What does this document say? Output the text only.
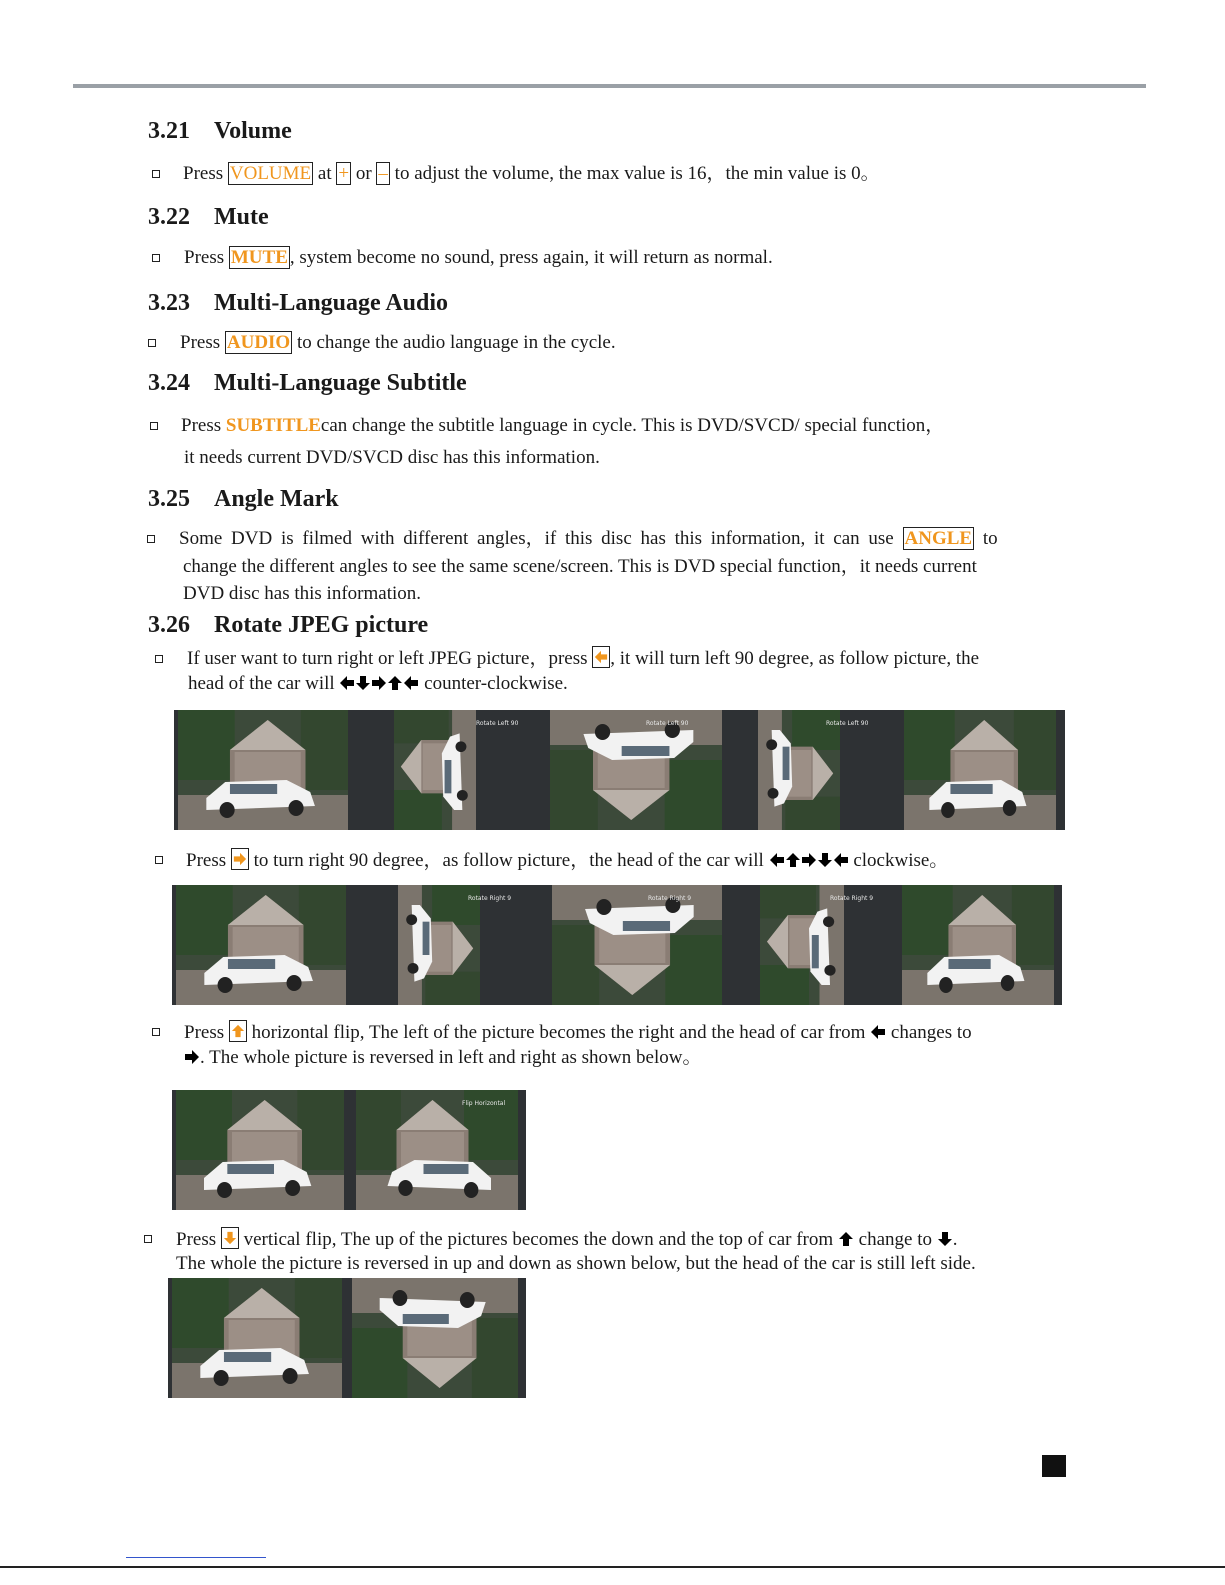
3.21 Volume
Press VOLUME at + or – to adjust the volume, the max value is 16，the min value is 0。
3.22 Mute
Press MUTE , system become no sound, press again, it will return as normal.
3.23 Multi-Language Audio
Press AUDIO to change the audio language in the cycle.
3.24 Multi-Language Subtitle
Press SUBTITLEcan change the subtitle language in cycle. This is DVD/SVCD/ special function，
it needs current DVD/SVCD disc has this information.
3.25 Angle Mark
Some DVD is filmed with different angles，if this disc has this information, it can use ANGLE to
change the different angles to see the same scene/screen. This is DVD special function，it needs current
DVD disc has this information.
3.26 Rotate JPEG picture
If user want to turn right or left JPEG picture，press , it will turn left 90 degree, as follow picture, the
head of the car will	counter-clockwise.
Rotate Left 90	Rotate Left 90	Rotate Left 90
Press to turn right 90 degree，as follow picture，the head of the car will	clockwise。
Rotate Right 9	Rotate Right 9	Rotate Right 9
Press horizontal flip, The left of the picture becomes the right and the head of car from changes to
. The whole picture is reversed in left and right as shown below。
Flip Horizontal
Press vertical flip, The up of the pictures becomes the down and the top of car from change to .
The whole the picture is reversed in up and down as shown below, but the head of the car is still left side.
